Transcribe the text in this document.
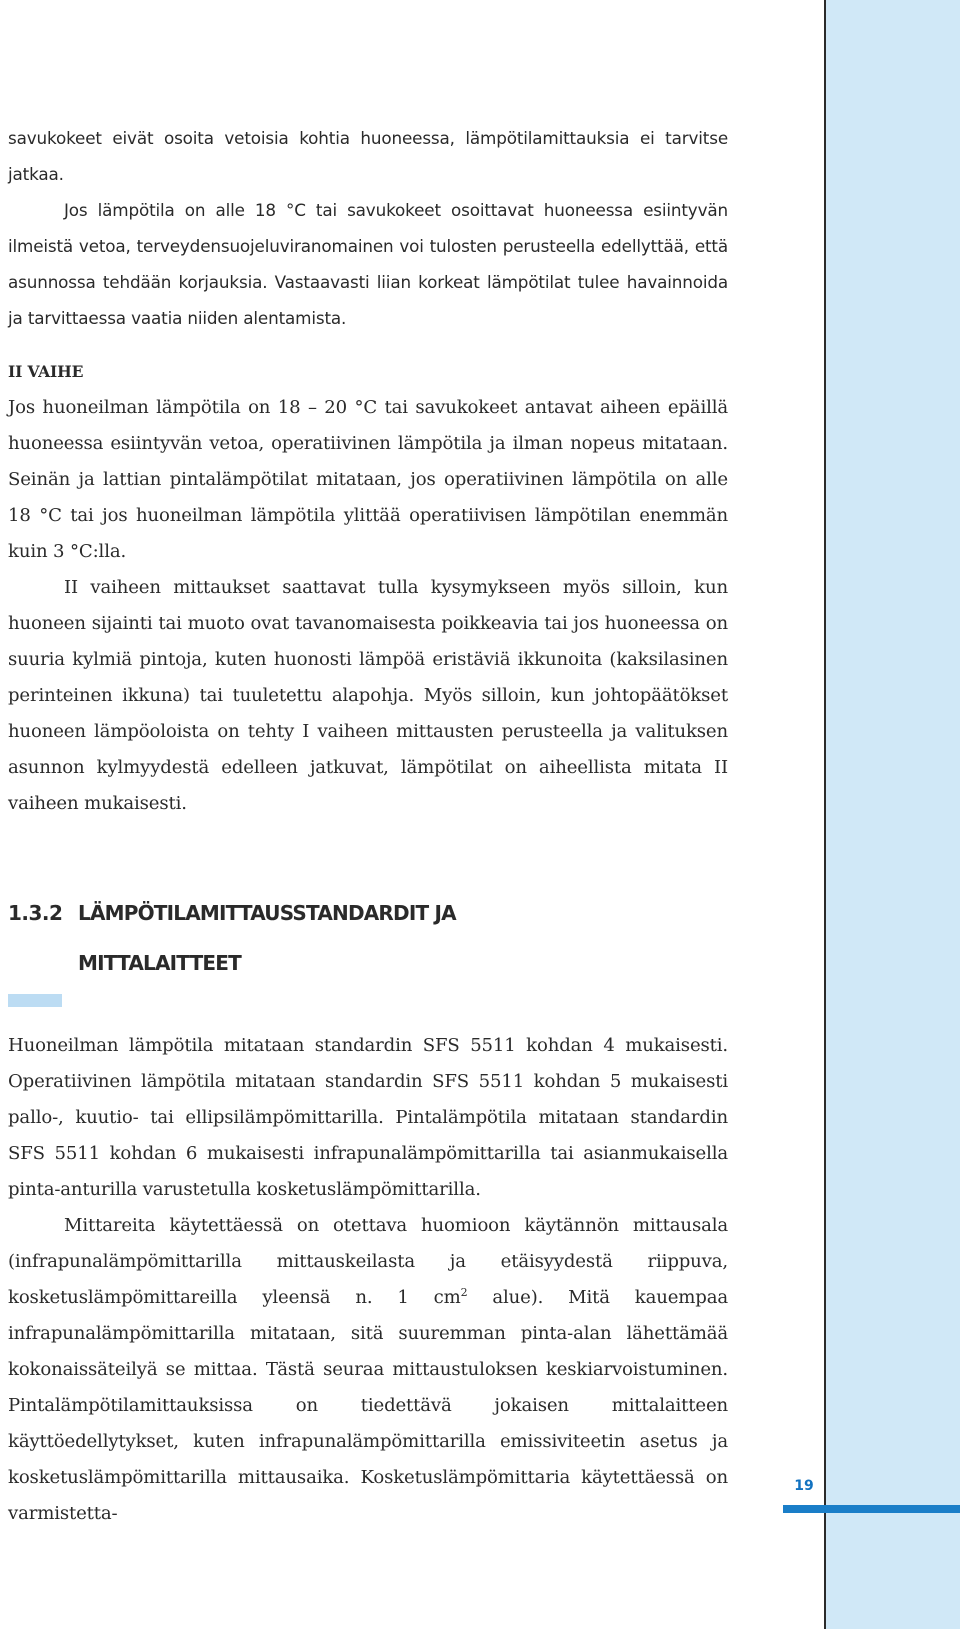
19

savukokeet eivät osoita vetoisia kohtia huoneessa, lämpötilamittauksia ei tarvitse jatkaa.

Jos lämpötila on alle 18 °C tai savukokeet osoittavat huoneessa esiintyvän ilmeistä vetoa, terveydensuojeluviranomainen voi tulosten perusteella edellyttää, että asunnossa tehdään korjauksia. Vastaavasti liian korkeat lämpötilat tulee havainnoida ja tarvittaessa vaatia niiden alentamista.

II VAIHE

Jos huoneilman lämpötila on 18 – 20 °C tai savukokeet antavat aiheen epäillä huoneessa esiintyvän vetoa, operatiivinen lämpötila ja ilman nopeus mitataan. Seinän ja lattian pintalämpötilat mitataan, jos operatiivinen lämpötila on alle 18 °C tai jos huoneilman lämpötila ylittää operatiivisen lämpötilan enemmän kuin 3 °C:lla.

II vaiheen mittaukset saattavat tulla kysymykseen myös silloin, kun huoneen sijainti tai muoto ovat tavanomaisesta poikkeavia tai jos huoneessa on suuria kylmiä pintoja, kuten huonosti lämpöä eristäviä ikkunoita (kaksilasinen perinteinen ikkuna) tai tuuletettu alapohja. Myös silloin, kun johtopäätökset huoneen lämpöoloista on tehty I vaiheen mittausten perusteella ja valituksen asunnon kylmyydestä edelleen jatkuvat, lämpötilat on aiheellista mitata II vaiheen mukaisesti.

1.3.2 LÄMPÖTILAMITTAUSSTANDARDIT JA
MITTALAITTEET

Huoneilman lämpötila mitataan standardin SFS 5511 kohdan 4 mukaisesti. Operatiivinen lämpötila mitataan standardin SFS 5511 kohdan 5 mukaisesti pallo-, kuutio- tai ellipsilämpömittarilla. Pintalämpötila mitataan standardin SFS 5511 kohdan 6 mukaisesti infrapunalämpömittarilla tai asianmukaisella pinta-anturilla varustetulla kosketuslämpömittarilla.

Mittareita käytettäessä on otettava huomioon käytännön mittausala (infrapunalämpömittarilla mittauskeilasta ja etäisyydestä riippuva, kosketuslämpömittareilla yleensä n. 1 $cm^2$ alue). Mitä kauempaa infrapunalämpömittarilla mitataan, sitä suuremman pinta-alan lähettämää kokonaissäteilyä se mittaa. Tästä seuraa mittaustuloksen keskiarvoistuminen. Pintalämpötilamittauksissa on tiedettävä jokaisen mittalaitteen käyttöedellytykset, kuten infrapunalämpömittarilla emissiviteetin asetus ja kosketuslämpömittarilla mittausaika. Kosketuslämpömittaria käytettäessä on varmistetta-
